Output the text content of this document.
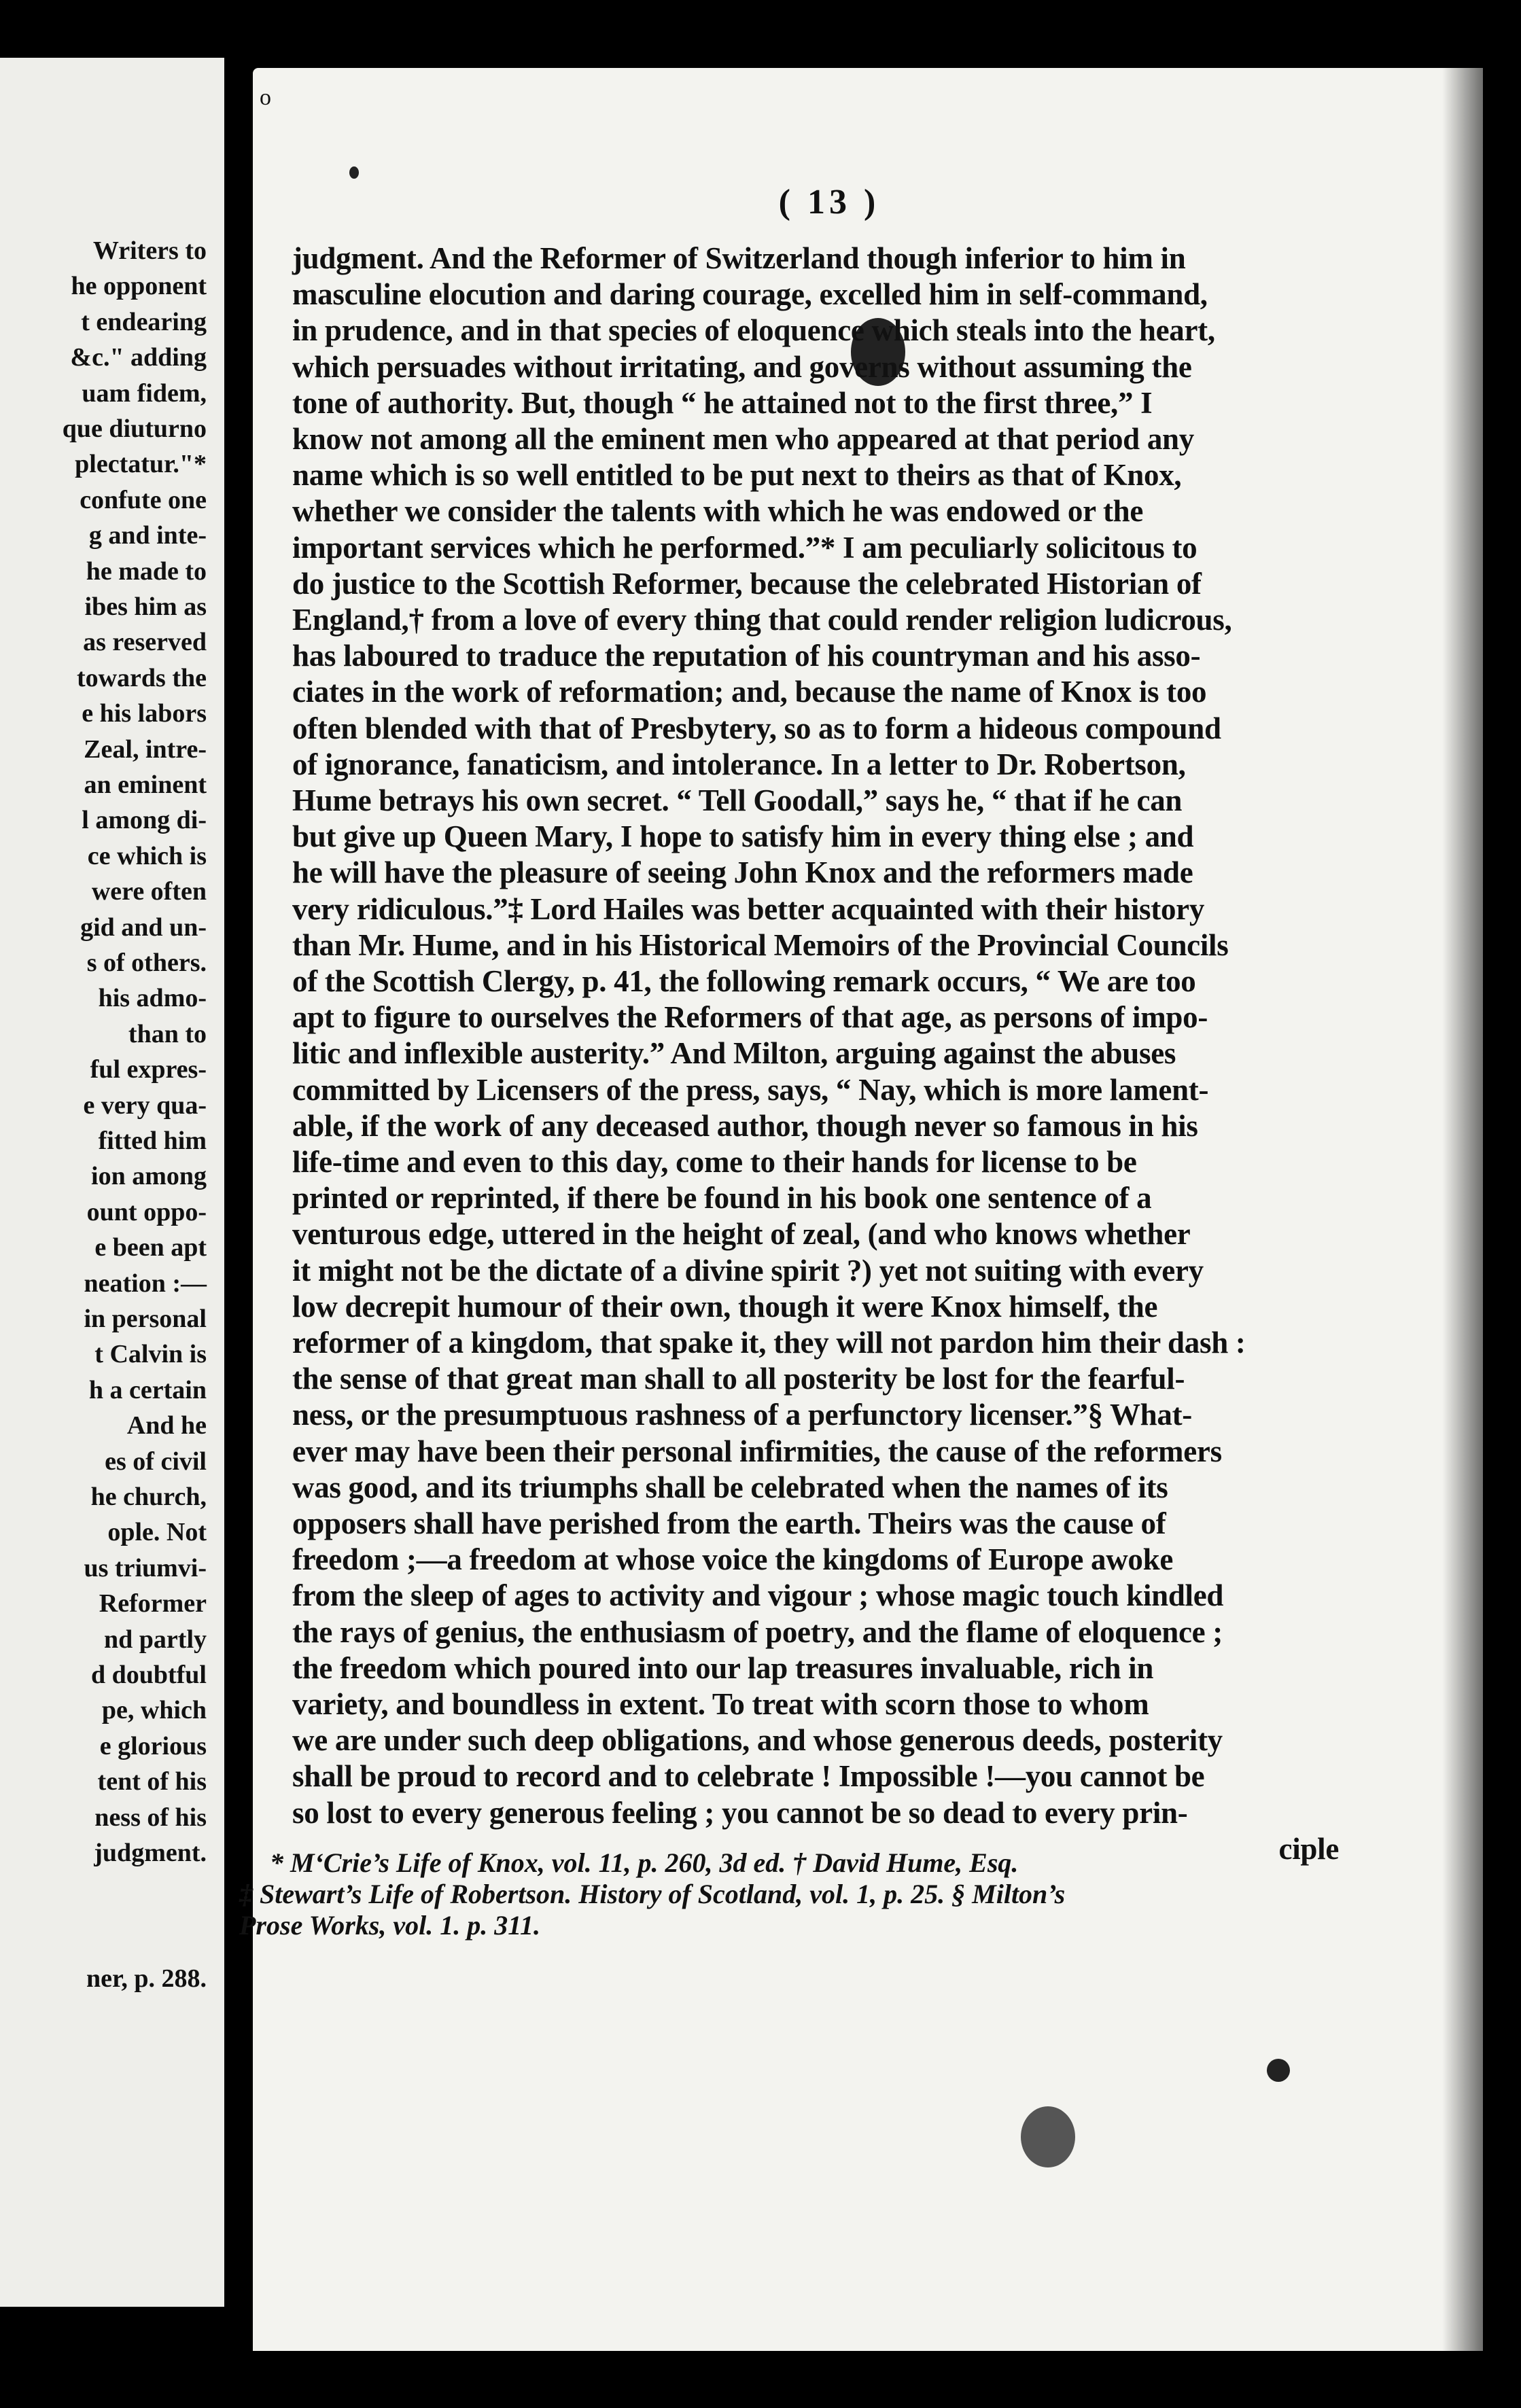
Writers to
he opponent
t endearing
&c." adding
uam fidem,
que diuturno
plectatur."*
confute one
g and inte-
he made to
ibes him as
as reserved
towards the
e his labors
Zeal, intre-
an eminent
l among di-
ce which is
were often
gid and un-
s of others.
his admo-
than to
ful expres-
e very qua-
fitted him
ion among
ount oppo-
e been apt
neation :—
in personal
t Calvin is
h a certain
And he
es of civil
he church,
ople. Not
us triumvi-
Reformer
nd partly
d doubtful
pe, which
e glorious
tent of his
ness of his
judgment.
ner, p. 288.
o
( 13 )
judgment. And the Reformer of Switzerland though inferior to him in
masculine elocution and daring courage, excelled him in self-command,
in prudence, and in that species of eloquence which steals into the heart,
which persuades without irritating, and governs without assuming the
tone of authority. But, though “ he attained not to the first three,” I
know not among all the eminent men who appeared at that period any
name which is so well entitled to be put next to theirs as that of Knox,
whether we consider the talents with which he was endowed or the
important services which he performed.”* I am peculiarly solicitous to
do justice to the Scottish Reformer, because the celebrated Historian of
England,† from a love of every thing that could render religion ludicrous,
has laboured to traduce the reputation of his countryman and his asso-
ciates in the work of reformation; and, because the name of Knox is too
often blended with that of Presbytery, so as to form a hideous compound
of ignorance, fanaticism, and intolerance. In a letter to Dr. Robertson,
Hume betrays his own secret. “ Tell Goodall,” says he, “ that if he can
but give up Queen Mary, I hope to satisfy him in every thing else ; and
he will have the pleasure of seeing John Knox and the reformers made
very ridiculous.”‡ Lord Hailes was better acquainted with their history
than Mr. Hume, and in his Historical Memoirs of the Provincial Councils
of the Scottish Clergy, p. 41, the following remark occurs, “ We are too
apt to figure to ourselves the Reformers of that age, as persons of impo-
litic and inflexible austerity.” And Milton, arguing against the abuses
committed by Licensers of the press, says, “ Nay, which is more lament-
able, if the work of any deceased author, though never so famous in his
life-time and even to this day, come to their hands for license to be
printed or reprinted, if there be found in his book one sentence of a
venturous edge, uttered in the height of zeal, (and who knows whether
it might not be the dictate of a divine spirit ?) yet not suiting with every
low decrepit humour of their own, though it were Knox himself, the
reformer of a kingdom, that spake it, they will not pardon him their dash :
the sense of that great man shall to all posterity be lost for the fearful-
ness, or the presumptuous rashness of a perfunctory licenser.”§ What-
ever may have been their personal infirmities, the cause of the reformers
was good, and its triumphs shall be celebrated when the names of its
opposers shall have perished from the earth. Theirs was the cause of
freedom ;—a freedom at whose voice the kingdoms of Europe awoke
from the sleep of ages to activity and vigour ; whose magic touch kindled
the rays of genius, the enthusiasm of poetry, and the flame of eloquence ;
the freedom which poured into our lap treasures invaluable, rich in
variety, and boundless in extent. To treat with scorn those to whom
we are under such deep obligations, and whose generous deeds, posterity
shall be proud to record and to celebrate ! Impossible !—you cannot be
so lost to every generous feeling ; you cannot be so dead to every prin-
ciple
* M‘Crie’s Life of Knox, vol. 11, p. 260, 3d ed. † David Hume, Esq.
‡ Stewart’s Life of Robertson. History of Scotland, vol. 1, p. 25. § Milton’s
Prose Works, vol. 1. p. 311.
